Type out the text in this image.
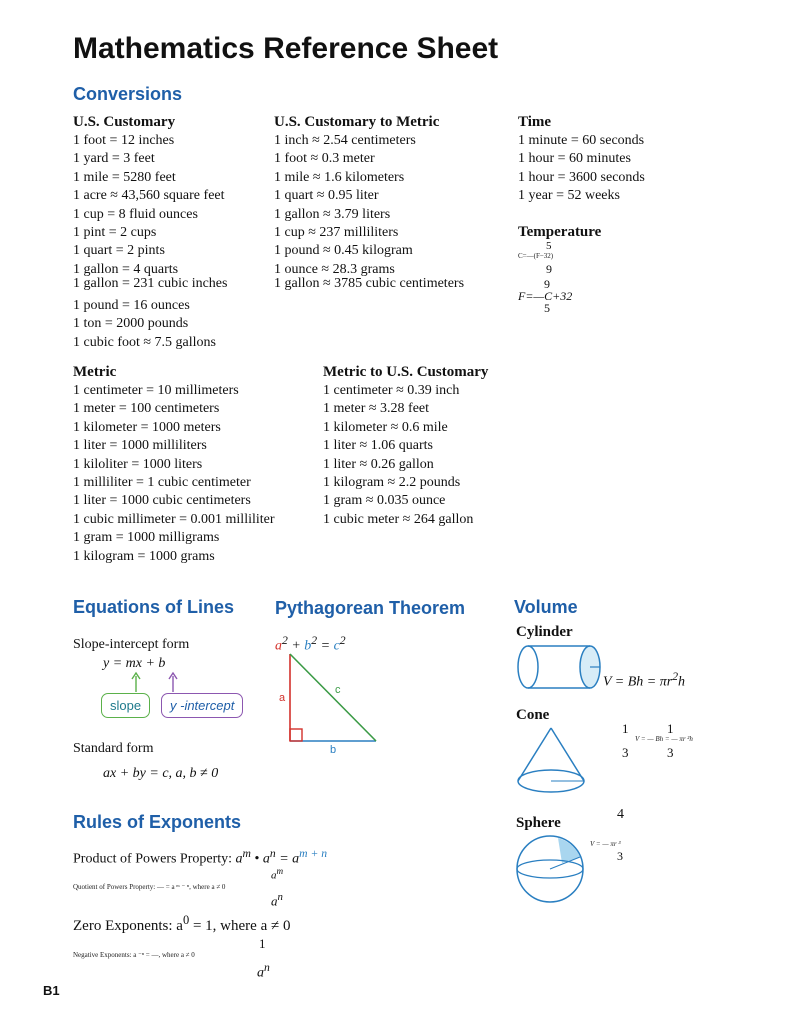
Mathematics Reference Sheet
Conversions
U.S. Customary
1 foot = 12 inches
1 yard = 3 feet
1 mile = 5280 feet
1 acre ≈ 43,560 square feet
1 cup = 8 fluid ounces
1 pint = 2 cups
1 quart = 2 pints
1 gallon = 4 quarts
1 gallon = 231 cubic inches
1 pound = 16 ounces
1 ton = 2000 pounds
1 cubic foot ≈ 7.5 gallons
U.S. Customary to Metric
1 inch ≈ 2.54 centimeters
1 foot ≈ 0.3 meter
1 mile ≈ 1.6 kilometers
1 quart ≈ 0.95 liter
1 gallon ≈ 3.79 liters
1 cup ≈ 237 milliliters
1 pound ≈ 0.45 kilogram
1 ounce ≈ 28.3 grams
1 gallon ≈ 3785 cubic centimeters
Time
1 minute = 60 seconds
1 hour = 60 minutes
1 hour = 3600 seconds
1 year = 52 weeks
Temperature
5
C=—(F−32)
9
9
F=—C+32
5
Metric
1 centimeter = 10 millimeters
1 meter = 100 centimeters
1 kilometer = 1000 meters
1 liter = 1000 milliliters
1 kiloliter = 1000 liters
1 milliliter = 1 cubic centimeter
1 liter = 1000 cubic centimeters
1 cubic millimeter = 0.001 milliliter
1 gram = 1000 milligrams
1 kilogram = 1000 grams
Metric to U.S. Customary
1 centimeter ≈ 0.39 inch
1 meter ≈ 3.28 feet
1 kilometer ≈ 0.6 mile
1 liter ≈ 1.06 quarts
1 liter ≈ 0.26 gallon
1 kilogram ≈ 2.2 pounds
1 gram ≈ 0.035 ounce
1 cubic meter ≈ 264 gallon
Equations of Lines
Slope-intercept form
y = mx + b
slope	y -intercept
Standard form
ax + by = c, a, b ≠ 0
Pythagorean Theorem
$a^2 + b^2 = c^2$
a
b
c
Volume
Cylinder
$V = Bh = \pi r^2h$
Cone
1	1
V = — Bh = — πr ²h
3	3
Sphere
4
V = — πr ³
3
Rules of Exponents
Product of Powers Property: $a^m$ • $a^n = a^{m + n}$
$a^m$
Quotient of Powers Property: — = a ᵐ ⁻ ⁿ, where a ≠ 0
$a^n$
Zero Exponents: $a^0 = 1$, where a ≠ 0
1
Negative Exponents: a ⁻ⁿ = —, where a ≠ 0
$a^n$
B1
